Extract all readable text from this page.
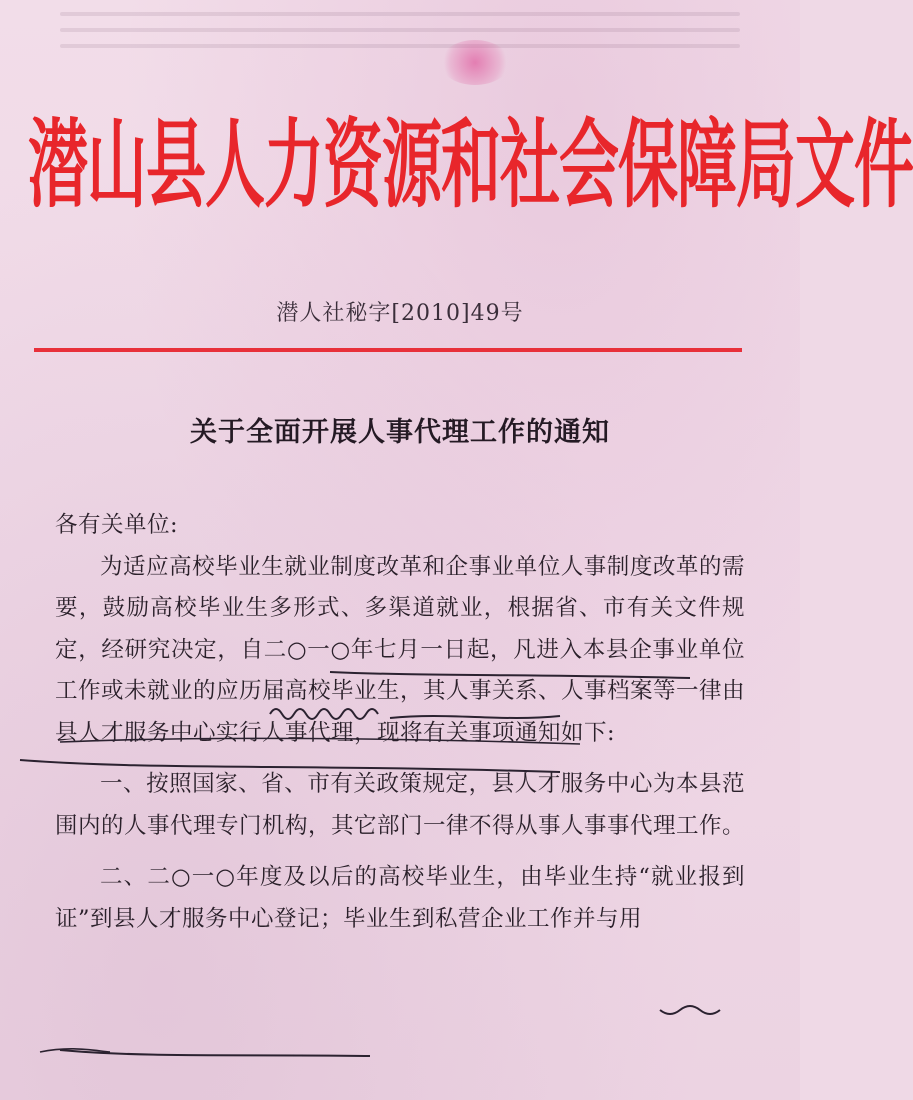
潜山县人力资源和社会保障局文件
潜人社秘字[2010]49号
关于全面开展人事代理工作的通知

各有关单位:

为适应高校毕业生就业制度改革和企事业单位人事制度改革的需要，鼓励高校毕业生多形式、多渠道就业，根据省、市有关文件规定，经研究决定，自二○一○年七月一日起，凡进入本县企事业单位工作或未就业的应历届高校毕业生，其人事关系、人事档案等一律由县人才服务中心实行人事代理，现将有关事项通知如下:

一、按照国家、省、市有关政策规定，县人才服务中心为本县范围内的人事代理专门机构，其它部门一律不得从事人事事代理工作。

二、二○一○年度及以后的高校毕业生，由毕业生持“就业报到证”到县人才服务中心登记；毕业生到私营企业工作并与用
